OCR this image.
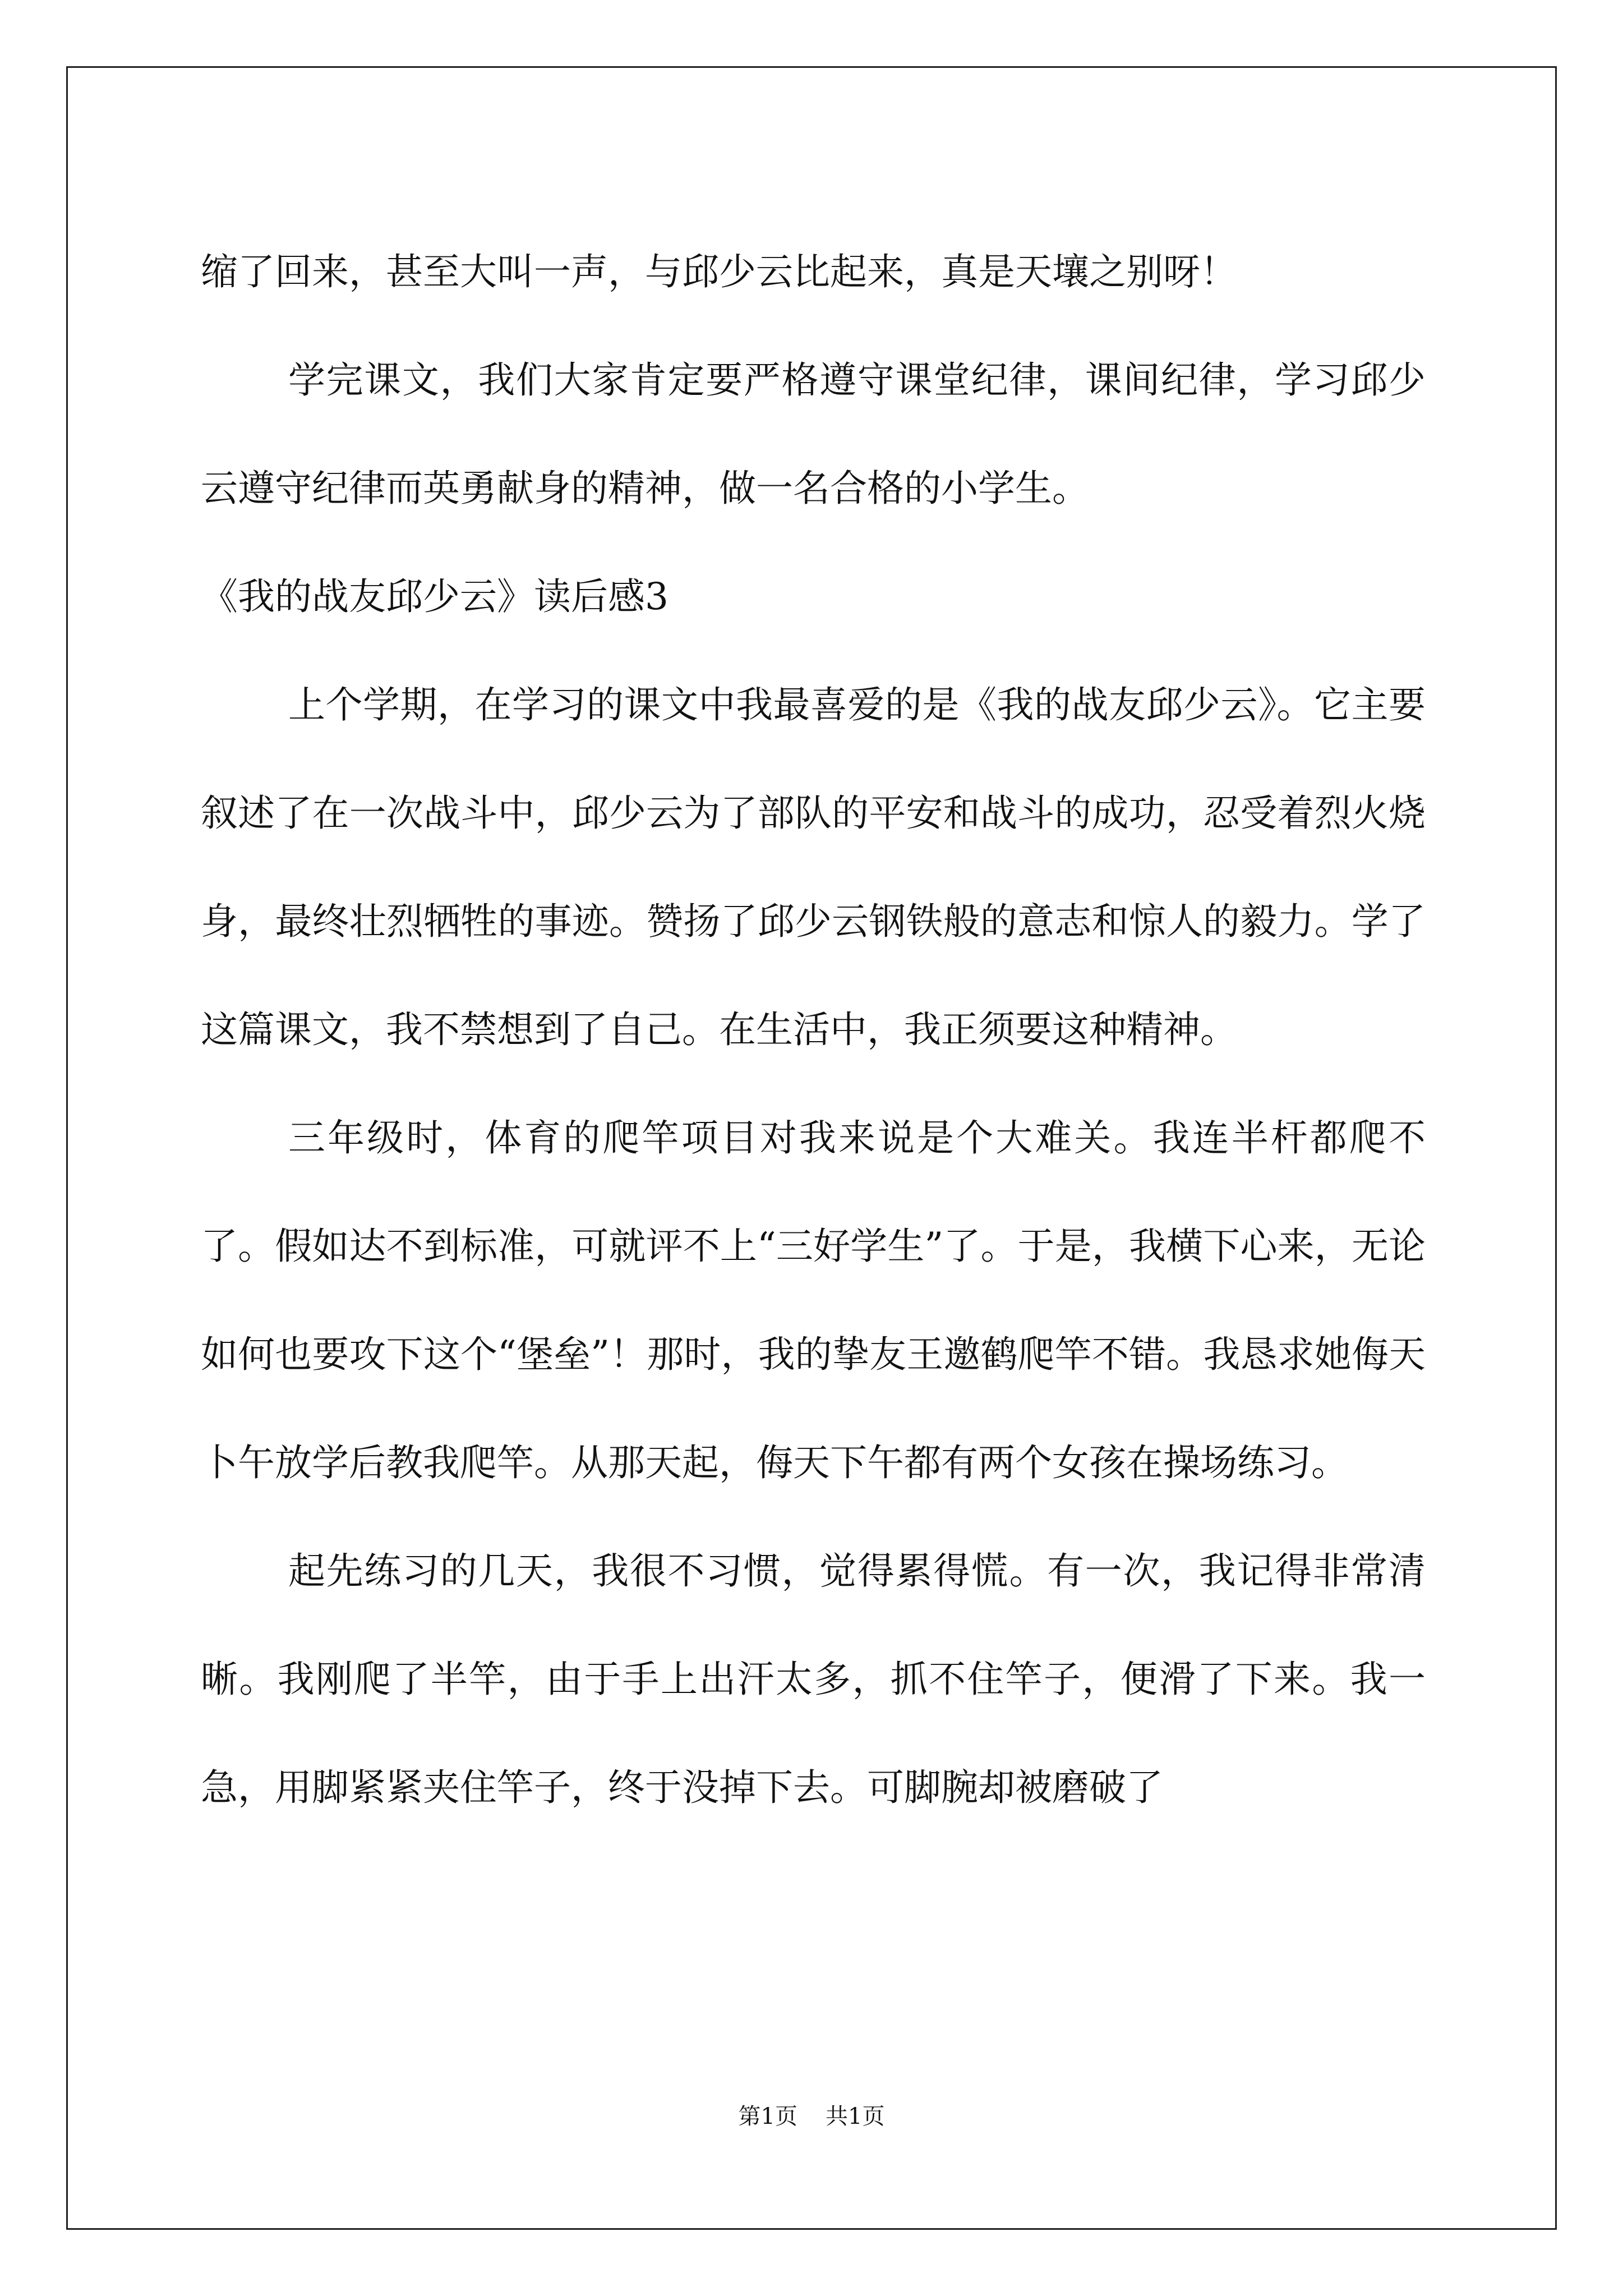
缩了回来，甚至大叫一声，与邱少云比起来，真是天壤之别呀！

学完课文，我们大家肯定要严格遵守课堂纪律，课间纪律，学习邱少云遵守纪律而英勇献身的精神，做一名合格的小学生。

《我的战友邱少云》读后感3

上个学期，在学习的课文中我最喜爱的是《我的战友邱少云》。它主要叙述了在一次战斗中，邱少云为了部队的平安和战斗的成功，忍受着烈火烧身，最终壮烈牺牲的事迹。赞扬了邱少云钢铁般的意志和惊人的毅力。学了这篇课文，我不禁想到了自己。在生活中，我正须要这种精神。

三年级时，体育的爬竿项目对我来说是个大难关。我连半杆都爬不了。假如达不到标准，可就评不上“三好学生”了。于是，我横下心来，无论如何也要攻下这个“堡垒”！那时，我的挚友王邀鹤爬竿不错。我恳求她侮天卜午放学后教我爬竿。从那天起，侮天下午都有两个女孩在操场练习。

起先练习的几天，我很不习惯，觉得累得慌。有一次，我记得非常清晰。我刚爬了半竿，由于手上出汗太多，抓不住竿子，便滑了下来。我一急，用脚紧紧夹住竿子，终于没掉下去。可脚腕却被磨破了

第1页 共1页
